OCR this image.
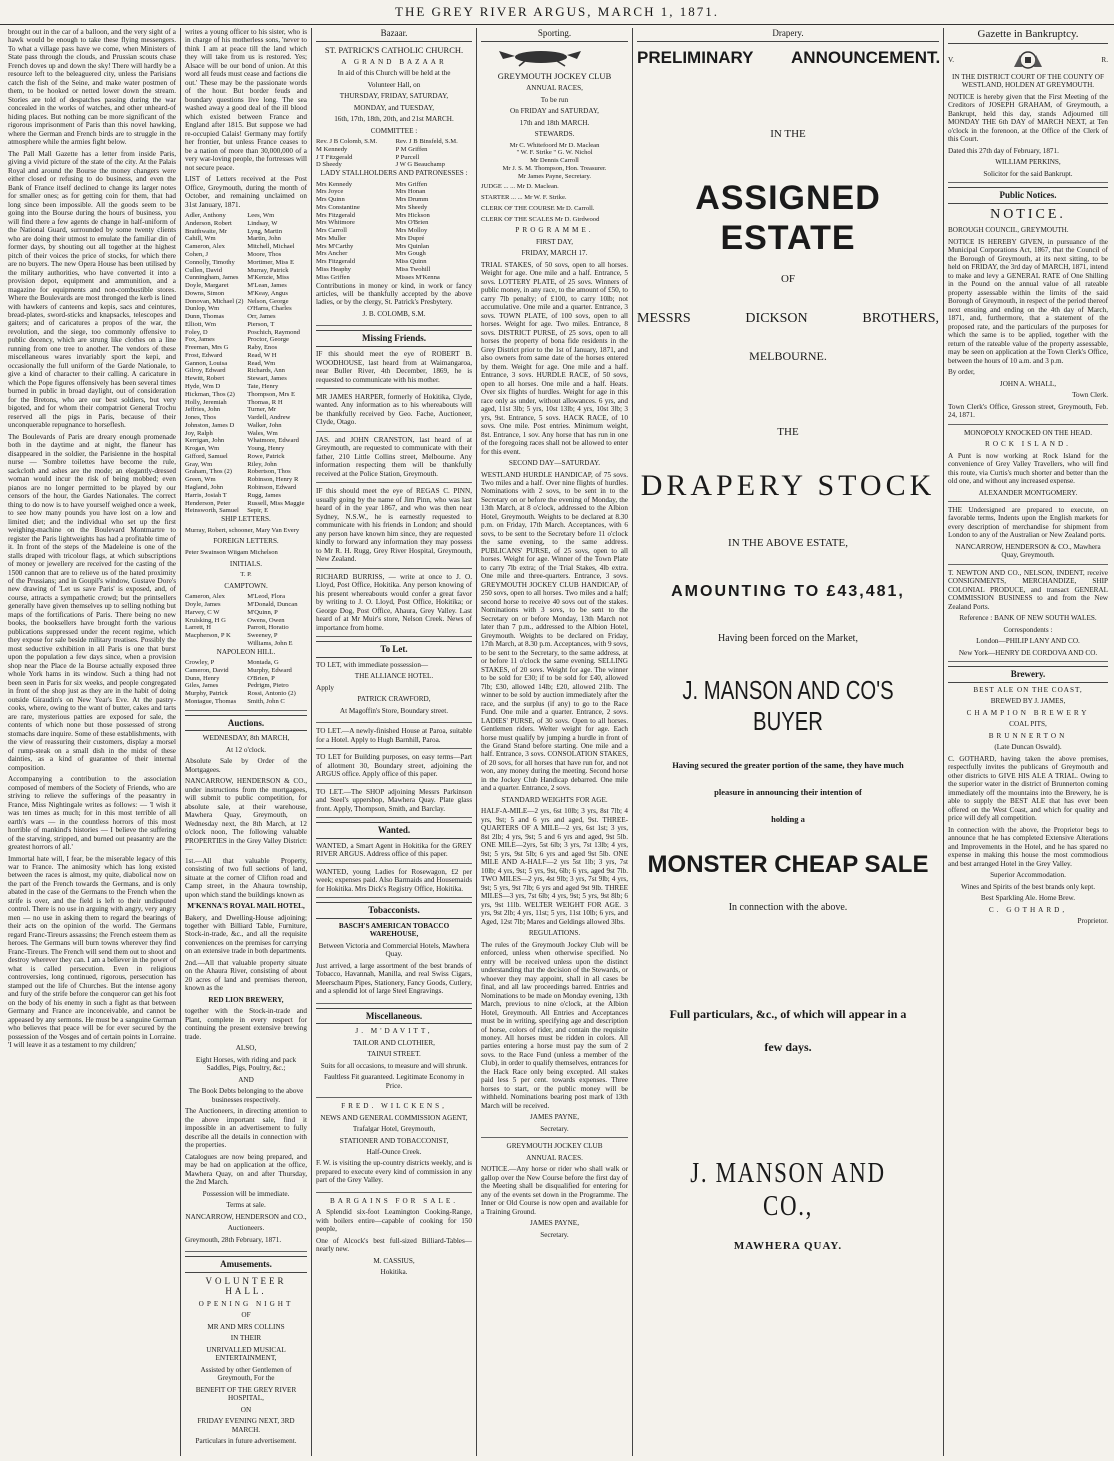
THE GREY RIVER ARGUS, MARCH 1, 1871.

brought out in the car of a balloon, and the very sight of a hawk would be enough to take these flying messengers. To what a village pass have we come, when Ministers of State pass through the clouds, and Prussian scouts chase French doves up and down the sky! There will hardly be a resource left to the beleaguered city, unless the Parisians catch the fish of the Seine, and make water postmen of them, to be hooked or netted lower down the stream. Stories are told of despatches passing during the war concealed in the works of watches, and other unheard-of hiding places. But nothing can be more significant of the rigorous imprisonment of Paris than this novel hawking, where the German and French birds are to struggle in the atmosphere while the armies fight below.

The Pall Mall Gazette has a letter from inside Paris, giving a vivid picture of the state of the city. At the Palais Royal and around the Bourse the money changers were either closed or refusing to do business, and even the Bank of France itself declined to change its larger notes for smaller ones; as for getting coin for them, that had long since been impossible. All the goods seem to be going into the Bourse during the hours of business, you will find there a few agents de change in half-uniform of the National Guard, surrounded by some twenty clients who are doing their utmost to emulate the familiar din of former days, by shouting out all together at the highest pitch of their voices the price of stocks, for which there are no buyers. The new Opera House has been utilised by the military authorities, who have converted it into a provision depot, equipment and ammunition, and a magazine for equipments and non-combustible stores. Where the Boulevards are most thronged the kerb is lined with hawkers of canteens and kepis, sacs and ceintures, bread-plates, sword-sticks and knapsacks, telescopes and gaiters; and of caricatures a propos of the war, the revolution, and the siege, too commonly offensive to public decency, which are strung like clothes on a line running from one tree to another. The vendors of these miscellaneous wares invariably sport the kepi, and occasionally the full uniform of the Garde Nationale, to give a kind of character to their calling. A caricature in which the Pope figures offensively has been several times burned in public in broad daylight, out of consideration for the Bretons, who are our best soldiers, but very bigoted, and for whom their compatriot General Trochu reserved all the pigs in Paris, because of their unconquerable repugnance to horseflesh.

The Boulevards of Paris are dreary enough promenade both in the daytime and at night, the flaneur has disappeared in the soldier, the Parisienne in the hospital nurse — 'Sombre toilettes have become the rule, sackcloth and ashes are the mode; an elegantly-dressed woman would incur the risk of being mobbed; even pianos are no longer permitted to be played by our censors of the hour, the Gardes Nationales. The correct thing to do now is to have yourself weighed once a week, to see how many pounds you have lost on a low and limited diet; and the individual who set up the first weighing-machine on the Boulevard Montmartre to register the Paris lightweights has had a profitable time of it. In front of the steps of the Madeleine is one of the stalls draped with tricolour flags, at which subscriptions of money or jewellery are received for the casting of the 1500 cannon that are to relieve us of the hated proximity of the Prussians; and in Goupil's window, Gustave Dore's new drawing of 'Let us save Paris' is exposed, and, of course, attracts a sympathetic crowd; but the printsellers generally have given themselves up to selling nothing but maps of the fortifications of Paris. There being no new books, the booksellers have brought forth the various publications suppressed under the recent regime, which they expose for sale beside military treatises. Possibly the most seductive exhibition in all Paris is one that burst upon the population a few days since, when a provision shop near the Place de la Bourse actually exposed three whole York hams in its window. Such a thing had not been seen in Paris for six weeks, and people congregated in front of the shop just as they are in the habit of doing outside Giraudin's on New Year's Eve. At the pastry-cooks, where, owing to the want of butter, cakes and tarts are rare, mysterious patties are exposed for sale, the contents of which none but those possessed of strong stomachs dare inquire. Some of these establishments, with the view of reassuring their customers, display a morsel of rump-steak on a small dish in the midst of these dainties, as a kind of guarantee of their internal composition.

Accompanying a contribution to the association composed of members of the Society of Friends, who are striving to relieve the sufferings of the peasantry in France, Miss Nightingale writes as follows: — 'I wish it was ten times as much; for in this most terrible of all earth's wars — in the countless horrors of this most horrible of mankind's histories — I believe the suffering of the starving, stripped, and burned out peasantry are the greatest horrors of all.'

Immortal hate will, I fear, be the miserable legacy of this war to France. The animosity which has long existed between the races is almost, my quite, diabolical now on the part of the French towards the Germans, and is only abated in the case of the Germans to the French when the strife is over, and the field is left to their undisputed control. There is no use in arguing with angry, very angry men — no use in asking them to regard the bearings of their acts on the opinion of the world. The Germans regard Franc-Tireurs assassins; the French esteem them as heroes. The Germans will burn towns wherever they find Franc-Tireurs. The French will send them out to shoot and destroy wherever they can. I am a believer in the power of what is called persecution. Even in religious controversies, long continued, rigorous, persecution has stamped out the life of Churches. But the intense agony and fury of the strife before the conqueror can get his foot on the body of his enemy in such a fight as that between Germany and France are inconceivable, and cannot be appeased by any sermons. He must be a sanguine German who believes that peace will be for ever secured by the possession of the Vosges and of certain points in Lorraine. 'I will leave it as a testament to my children;'

writes a young officer to his sister, who is in charge of his motherless sons, 'never to think I am at peace till the land which they will take from us is restored. Yes; Alsace will be our bond of union. At this word all feuds must cease and factions die out.' These may be the passionate words of the hour. But border feuds and boundary questions live long. The sea washed away a good deal of the ill blood which existed between France and England after 1815. But suppose we had re-occupied Calais! Germany may fortify her frontier, but unless France ceases to be a nation of more than 30,000,000 of a very war-loving people, the fortresses will not secure peace.

LIST of Letters received at the Post Office, Greymouth, during the month of October, and remaining unclaimed on 31st January, 1871.

Adler, Anthony	Lees, Wm
Anderson, Robert	Lindsay, W
Braithwaite, Mr	Lyng, Martin
Cahill, Wm	Martin, John
Cameron, Alex	Mitchell, Michael
Cohen, J	Moore, Thos
Connolly, Timothy	Mortimer, Miss E
Cullen, David	Murray, Patrick
Cunningham, James	M'Kenzie, Miss
Doyle, Margaret	M'Lean, James
Downs, Simon	M'Keay, Angus
Donovan, Michael (2) Nelson, George
Dunlop, Wm	O'Harra, Charles
Dunn, Thomas	Orr, James
Elliott, Wm	Pierson, T
Foley, D	Poschich, Raymond
Fox, James	Proctor, George
Freeman, Mrs G	Raby, Enos
Frost, Edward	Read, W H
Gannon, Louisa	Read, Wm
Gilroy, Edward	Richards, Ann
Hewitt, Robert	Stewart, James
Hyde, Wm D	Tate, Henry
Hickman, Thos (2)	Thompson, Mrs E
Holly, Jeremiah	Thomas, R H
Jeffries, John	Turner, Mr
Jones, Thos	Vardell, Andrew
Johnston, James D	Walker, John
Joy, Ralph	Wales, Wm
Kerrigan, John	Whatmore, Edward
Krogan, Wm	Young, Henry
Gifford, Samuel	Rowe, Patrick
Gray, Wm	Riley, John
Graham, Thos (2)	Robertson, Thos
Green, Wm	Robinson, Henry R
Hagland, John	Robinson, Edward
Harris, Josiah T	Rugg, James
Henderson, Peter	Russell, Miss Maggie
Heinsworth, Samuel	Sepir, E

SHIP LETTERS.

Murray, Robert, schooner, Mary Van Every

FOREIGN LETTERS.

Peter Swainson Wiigam Michelson

INITIALS.

T. P.

CAMPTOWN.

Cameron, Alex	M'Leod, Flora
Doyle, James	M'Donald, Duncan
Harvey, C W	M'Quinn, P
Kruisking, H G	Owens, Owen
Larrett, H	Parrott, Horatio
Macpherson, P K	Sweeney, P
Williams, John E

NAPOLEON HILL.

Crowley, P	Montada, G
Cameron, David	Murphy, Edward
Dunn, Henry	O'Brien, P
Giles, James	Pedrigm, Pietro
Murphy, Patrick	Rossi, Antonio (2)
Montague, Thomas	Smith, John C
Auctions.

WEDNESDAY, 8th MARCH,

At 12 o'clock.

Absolute Sale by Order of the Mortgagees.

NANCARROW, HENDERSON & CO., under instructions from the mortgagees, will submit to public competition, for absolute sale, at their warehouse, Mawhera Quay, Greymouth, on Wednesday next, the 8th March, at 12 o'clock noon, The following valuable PROPERTIES in the Grey Valley District:—

1st.—All that valuable Property, consisting of two full sections of land, situate at the corner of Clifton road and Camp street, in the Ahaura township, upon which stand the buildings known as

M'KENNA'S ROYAL MAIL HOTEL,

Bakery, and Dwelling-House adjoining; together with Billiard Table, Furniture, Stock-in-trade, &c., and all the requisite conveniences on the premises for carrying on an extensive trade in both departments.

2nd.—All that valuable property situate on the Ahaura River, consisting of about 20 acres of land and premises thereon, known as the

RED LION BREWERY,

together with the Stock-in-trade and Plant, complete in every respect for continuing the present extensive brewing trade.

ALSO,

Eight Horses, with riding and pack Saddles, Pigs, Poultry, &c.;

AND

The Book Debts belonging to the above businesses respectively.

The Auctioneers, in directing attention to the above important sale, find it impossible in an advertisement to fully describe all the details in connection with the properties.

Catalogues are now being prepared, and may be had on application at the office, Mawhera Quay, on and after Thursday, the 2nd March.

Possession will be immediate.

Terms at sale.

NANCARROW, HENDERSON and CO.,

Auctioneers.

Greymouth, 28th February, 1871.

Amusements.

VOLUNTEER HALL.

OPENING NIGHT

OF

MR AND MRS COLLINS

IN THEIR

UNRIVALLED MUSICAL ENTERTAINMENT,

Assisted by other Gentlemen of Greymouth, For the

BENEFIT OF THE GREY RIVER HOSPITAL,

ON

FRIDAY EVENING NEXT, 3RD MARCH.

Particulars in future advertisement.

Bazaar.

ST. PATRICK'S CATHOLIC CHURCH.

A GRAND BAZAAR

In aid of this Church will be held at the

Volunteer Hall, on

THURSDAY, FRIDAY, SATURDAY,

MONDAY, and TUESDAY,

16th, 17th, 18th, 20th, and 21st MARCH.

COMMITTEE :

Rev. J B Colomb, S.M.	Rev. J B Binsfeld, S.M.
M Kennedy	P M Griffen
J T Fitzgerald	P Purcell
D Sheedy	J W G Beauchamp

LADY STALLHOLDERS AND PATRONESSES :

Mrs Kennedy	Mrs Griffen
Mrs Joyce	Mrs Honan
Mrs Quinn	Mrs Drumm
Mrs Constantine	Mrs Sheedy
Mrs Fitzgerald	Mrs Hickson
Mrs Whitmore	Mrs O'Brien
Mrs Carroll	Mrs Molloy
Mrs Muller	Mrs Dupré
Mrs M'Carthy	Mrs Quinlan
Mrs Ancher	Mrs Gough
Mrs Fitzgerald	Miss Quinn
Miss Heaphy	Miss Twohill
Miss Griffen	Misses M'Kenna

Contributions in money or kind, in work or fancy articles, will be thankfully accepted by the above ladies, or by the clergy, St. Patrick's Presbytery.

J. B. COLOMB, S.M.

Missing Friends.

IF this should meet the eye of ROBERT B. WOODHOUSE, last heard from at Waimangaroa, near Buller River, 4th December, 1869, he is requested to communicate with his mother.

MR JAMES HARPER, formerly of Hokitika, Clyde, wanted. Any information as to his whereabouts will be thankfully received by Geo. Fache, Auctioneer, Clyde, Otago.

JAS. and JOHN CRANSTON, last heard of at Greymouth, are requested to communicate with their father, 210 Little Collins street, Melbourne. Any information respecting them will be thankfully received at the Police Station, Greymouth.

IF this should meet the eye of REGAS C. PINN, usually going by the name of Jim Pinn, who was last heard of in the year 1867, and who was then near Sydney, N.S.W., he is earnestly requested to communicate with his friends in London; and should any person have known him since, they are requested kindly to forward any information they may possess to Mr R. H. Rugg, Grey River Hospital, Greymouth, New Zealand.

RICHARD BURRISS, — write at once to J. O. Lloyd, Post Office, Hokitika. Any person knowing of his present whereabouts would confer a great favor by writing to J. O. Lloyd, Post Office, Hokitika; or George Dog, Post Office, Ahaura, Grey Valley. Last heard of at Mr Muir's store, Nelson Creek. News of importance from home.

To Let.

TO LET, with immediate possession—

THE ALLIANCE HOTEL.

Apply

PATRICK CRAWFORD,

At Magoffin's Store, Boundary street.

TO LET.—A newly-finished House at Paroa, suitable for a Hotel. Apply to Hugh Barnhill, Paroa.

TO LET for Building purposes, on easy terms—Part of allotment 30, Boundary street, adjoining the ARGUS office. Apply office of this paper.

TO LET.—The SHOP adjoining Messrs Parkinson and Steel's uppershop, Mawhera Quay. Plate glass front. Apply, Thompson, Smith, and Barclay.

Wanted.

WANTED, a Smart Agent in Hokitika for the GREY RIVER ARGUS. Address office of this paper.

WANTED, young Ladies for Rosewagon, £2 per week; expenses paid. Also Barmaids and Housemaids for Hokitika. Mrs Dick's Registry Office, Hokitika.

Tobacconists.

BASCH'S AMERICAN TOBACCO WAREHOUSE,

Between Victoria and Commercial Hotels, Mawhera Quay.

Just arrived, a large assortment of the best brands of Tobacco, Havannah, Manilla, and real Swiss Cigars, Meerschaum Pipes, Stationery, Fancy Goods, Cutlery, and a splendid lot of large Steel Engravings.

Miscellaneous.

J. M'DAVITT,

TAILOR AND CLOTHIER,

TAINUI STREET.

Suits for all occasions, to measure and will shrunk.

Faultless Fit guaranteed. Legitimate Economy in Price.

FRED. WILCKENS,

NEWS AND GENERAL COMMISSION AGENT,

Trafalgar Hotel, Greymouth,

STATIONER AND TOBACCONIST,

Half-Ounce Creek.

F. W. is visiting the up-country districts weekly, and is prepared to execute every kind of commission in any part of the Grey Valley.

BARGAINS FOR SALE.

A Splendid six-foot Leamington Cooking-Range, with boilers entire—capable of cooking for 150 people,

One of Alcock's best full-sized Billiard-Tables—nearly new.

M. CASSIUS,

Hokitika.

Sporting.

GREYMOUTH JOCKEY CLUB

ANNUAL RACES,

To be run

On FRIDAY and SATURDAY,

17th and 18th MARCH.

STEWARDS.

Mr C. Whitefoord Mr D. Maclean
" W. F. Strike " G. W. Nichol
Mr Dennis Carroll
Mr J. S. M. Thompson, Hon. Treasurer.
Mr James Payne, Secretary.

JUDGE ... ... Mr D. Maclean.

STARTER ... ... Mr W. F. Strike.

CLERK OF THE COURSE Mr D. Carroll.

CLERK OF THE SCALES Mr D. Girdwood

PROGRAMME.

FIRST DAY,

FRIDAY, MARCH 17.

TRIAL STAKES, of 50 sovs, open to all horses. Weight for age. One mile and a half. Entrance, 5 sovs. LOTTERY PLATE, of 25 sovs. Winners of public money, in any race, to the amount of £50, to carry 7lb penalty; of £100, to carry 10lb; not accumulative. One mile and a quarter. Entrance, 3 sovs. TOWN PLATE, of 100 sovs, open to all horses. Weight for age. Two miles. Entrance, 8 sovs. DISTRICT PURSE, of 25 sovs, open to all horses the property of bona fide residents in the Grey District prior to the 1st of January, 1871, and also owners from same date of the horses entered by them. Weight for age. One mile and a half. Entrance, 3 sovs. HURDLE RACE, of 50 sovs, open to all horses. One mile and a half. Heats. Over six flights of hurdles. Weight for age in this race only as under, without allowances. 6 yrs, and aged, 11st 3lb; 5 yrs, 10st 13lb; 4 yrs, 10st 3lb; 3 yrs, 9st. Entrance, 5 sovs. HACK RACE, of 10 sovs. One mile. Post entries. Minimum weight, 8st. Entrance, 1 sov. Any horse that has run in one of the foregoing races shall not be allowed to enter for this event.

SECOND DAY—SATURDAY.

WESTLAND HURDLE HANDICAP, of 75 sovs. Two miles and a half. Over nine flights of hurdles. Nominations with 2 sovs, to be sent in to the Secretary on or before the evening of Monday, the 13th March, at 8 o'clock, addressed to the Albion Hotel, Greymouth. Weights to be declared at 8.30 p.m. on Friday, 17th March. Acceptances, with 6 sovs, to be sent to the Secretary before 11 o'clock the same evening, to the same address. PUBLICANS' PURSE, of 25 sovs, open to all horses. Weight for age. Winner of the Town Plate to carry 7lb extra; of the Trial Stakes, 4lb extra. One mile and three-quarters. Entrance, 3 sovs. GREYMOUTH JOCKEY CLUB HANDICAP, of 250 sovs, open to all horses. Two miles and a half; second horse to receive 40 sovs out of the stakes. Nominations with 3 sovs, to be sent to the Secretary on or before Monday, 13th March not later than 7 p.m., addressed to the Albion Hotel, Greymouth. Weights to be declared on Friday, 17th March, at 8.30 p.m. Acceptances, with 9 sovs, to be sent to the Secretary, to the same address, at or before 11 o'clock the same evening. SELLING STAKES, of 20 sovs. Weight for age. The winner to be sold for £30; if to be sold for £40, allowed 7lb; £30, allowed 14lb; £20, allowed 21lb. The winner to be sold by auction immediately after the race, and the surplus (if any) to go to the Race Fund. One mile and a quarter. Entrance, 2 sovs. LADIES' PURSE, of 30 sovs. Open to all horses. Gentlemen riders. Welter weight for age. Each horse must qualify by jumping a hurdle in front of the Grand Stand before starting. One mile and a half. Entrance, 3 sovs. CONSOLATION STAKES, of 20 sovs, for all horses that have run for, and not won, any money during the meeting. Second horse in the Jockey Club Handicap debarred. One mile and a quarter. Entrance, 2 sovs.

STANDARD WEIGHTS FOR AGE.

HALF-A-MILE—2 yrs, 6st 10lb; 3 yrs, 8st 7lb; 4 yrs, 9st; 5 and 6 yrs and aged, 9st. THREE-QUARTERS OF A MILE—2 yrs, 6st 1st; 3 yrs, 8st 2lb; 4 yrs, 9st; 5 and 6 yrs and aged, 9st 5lb. ONE MILE—2yrs, 5st 6lb; 3 yrs, 7st 13lb; 4 yrs, 9st; 5 yrs, 9st 5lb; 6 yrs and aged 9st 5lb. ONE MILE AND A-HALF—2 yrs 5st 1lb; 3 yrs, 7st 10lb; 4 yrs, 9st; 5 yrs, 9st, 6lb; 6 yrs, aged 9st 7lb. TWO MILES—2 yrs, 4st 9lb; 3 yrs, 7st 9lb; 4 yrs, 9st; 5 yrs, 9st 7lb; 6 yrs and aged 9st 9lb. THREE MILES—3 yrs, 7st 6lb; 4 yrs, 9st; 5 yrs, 9st 8lb; 6 yrs, 9st 11lb. WELTER WEIGHT FOR AGE. 3 yrs, 9st 2lb; 4 yrs, 11st; 5 yrs, 11st 10lb; 6 yrs, and Aged, 12st 7lb; Mares and Geldings allowed 3lbs.

REGULATIONS.

The rules of the Greymouth Jockey Club will be enforced, unless when otherwise specified. No entry will be received unless upon the distinct understanding that the decision of the Stewards, or whoever they may appoint, shall in all cases be final, and all law proceedings barred. Entries and Nominations to be made on Monday evening, 13th March, previous to nine o'clock, at the Albion Hotel, Greymouth. All Entries and Acceptances must be in writing, specifying age and description of horse, colors of rider, and contain the requisite money. All horses must be ridden in colors. All parties entering a horse must pay the sum of 2 sovs. to the Race Fund (unless a member of the Club), in order to qualify themselves, entrances for the Hack Race only being excepted. All stakes paid less 5 per cent. towards expenses. Three horses to start, or the public money will be withheld. Nominations bearing post mark of 13th March will be received.

JAMES PAYNE,

Secretary.

GREYMOUTH JOCKEY CLUB

ANNUAL RACES.

NOTICE.—Any horse or rider who shall walk or gallop over the New Course before the first day of the Meeting shall be disqualified for entering for any of the events set down in the Programme. The Inner or Old Course is now open and available for a Training Ground.

JAMES PAYNE,

Secretary.

Drapery.
PRELIMINARY	ANNOUNCEMENT.

IN THE

ASSIGNED ESTATE

OF

MESSRS	DICKSON	BROTHERS,

MELBOURNE.

THE

DRAPERY STOCK

IN THE ABOVE ESTATE,

AMOUNTING TO £43,481,

Having been forced on the Market,

J. MANSON AND CO'S BUYER

Having secured the greater portion of the same, they have much

pleasure in announcing their intention of

holding a

MONSTER CHEAP SALE

In connection with the above.

Full particulars, &c., of which will appear in a

few days.

J. MANSON AND CO.,

MAWHERA QUAY.

Gazette in Bankruptcy.
V.	R.

IN THE DISTRICT COURT OF THE COUNTY OF WESTLAND, HOLDEN AT GREYMOUTH.

NOTICE is hereby given that the First Meeting of the Creditors of JOSEPH GRAHAM, of Greymouth, a Bankrupt, held this day, stands Adjourned till MONDAY THE 6th DAY of MARCH NEXT, at Ten o'clock in the forenoon, at the Office of the Clerk of this Court.

Dated this 27th day of February, 1871.

WILLIAM PERKINS,

Solicitor for the said Bankrupt.

Public Notices.

NOTICE.

BOROUGH COUNCIL, GREYMOUTH.

NOTICE IS HEREBY GIVEN, in pursuance of the Municipal Corporations Act, 1867, that the Council of the Borough of Greymouth, at its next sitting, to be held on FRIDAY, the 3rd day of MARCH, 1871, intend to make and levy a GENERAL RATE of One Shilling in the Pound on the annual value of all rateable property assessable within the limits of the said Borough of Greymouth, in respect of the period thereof next ensuing and ending on the 4th day of March, 1871, and, furthermore, that a statement of the proposed rate, and the particulars of the purposes for which the same is to be applied, together with the return of the rateable value of the property assessable, may be seen on application at the Town Clerk's Office, between the hours of 10 a.m. and 3 p.m.

By order,

JOHN A. WHALL,

Town Clerk.

Town Clerk's Office, Gresson street, Greymouth, Feb. 24, 1871.

MONOPOLY KNOCKED ON THE HEAD.

ROCK ISLAND.

A Punt is now working at Rock Island for the convenience of Grey Valley Travellers, who will find this route, via Curtis's much shorter and better than the old one, and without any increased expense.

ALEXANDER MONTGOMERY.

THE Undersigned are prepared to execute, on favorable terms, Indents upon the English markets for every description of merchandise for shipment from London to any of the Australian or New Zealand ports.

NANCARROW, HENDERSON & CO., Mawhera Quay, Greymouth.

T. NEWTON AND CO., NELSON, INDENT, receive CONSIGNMENTS, MERCHANDIZE, SHIP COLONIAL PRODUCE, and transact GENERAL COMMISSION BUSINESS to and from the New Zealand Ports.

Reference : BANK OF NEW SOUTH WALES.

Correspondents :

London—PHILIP LANY AND CO.

New York—HENRY DE CORDOVA AND CO.

Brewery.

BEST ALE ON THE COAST,

BREWED BY J. JAMES,

CHAMPION BREWERY

COAL PITS,

BRUNNERTON

(Late Duncan Oswald).

C. GOTHARD, having taken the above premises, respectfully invites the publicans of Greymouth and other districts to GIVE HIS ALE A TRIAL. Owing to the superior water in the district of Brunnerton coming immediately off the mountains into the Brewery, he is able to supply the BEST ALE that has ever been offered on the West Coast, and which for quality and price will defy all competition.

In connection with the above, the Proprietor begs to announce that he has completed Extensive Alterations and Improvements in the Hotel, and he has spared no expense in making this house the most commodious and best arranged Hotel in the Grey Valley.

Superior Accommodation.

Wines and Spirits of the best brands only kept.

Best Sparkling Ale. Home Brew.

C. GOTHARD,

Proprietor.
